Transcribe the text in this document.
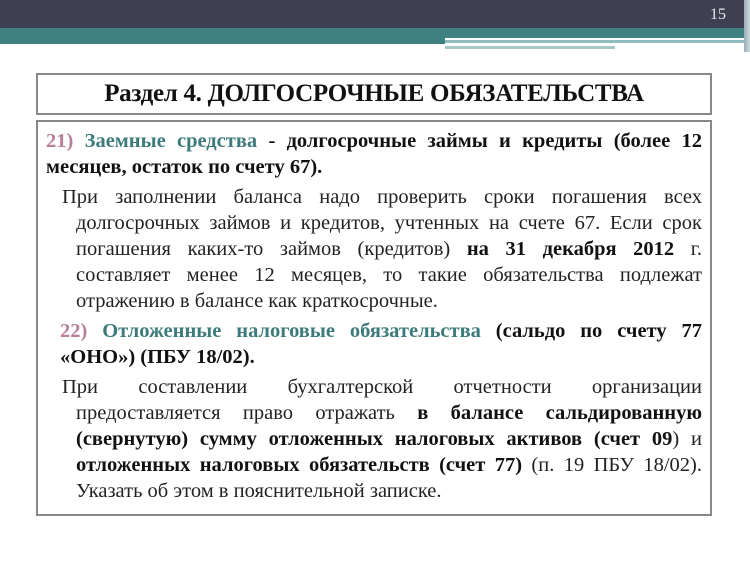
15
Раздел 4. ДОЛГОСРОЧНЫЕ ОБЯЗАТЕЛЬСТВА

21) Заемные средства - долгосрочные займы и кредиты (более 12 месяцев, остаток по счету 67).

При заполнении баланса надо проверить сроки погашения всех долгосрочных займов и кредитов, учтенных на счете 67. Если срок погашения каких-то займов (кредитов) на 31 декабря 2012 г. составляет менее 12 месяцев, то такие обязательства подлежат отражению в балансе как краткосрочные.

22) Отложенные налоговые обязательства (сальдо по счету 77 «ОНО») (ПБУ 18/02).

При составлении бухгалтерской отчетности организации предоставляется право отражать в балансе сальдированную (свернутую) сумму отложенных налоговых активов (счет 09) и отложенных налоговых обязательств (счет 77) (п. 19 ПБУ 18/02). Указать об этом в пояснительной записке.
